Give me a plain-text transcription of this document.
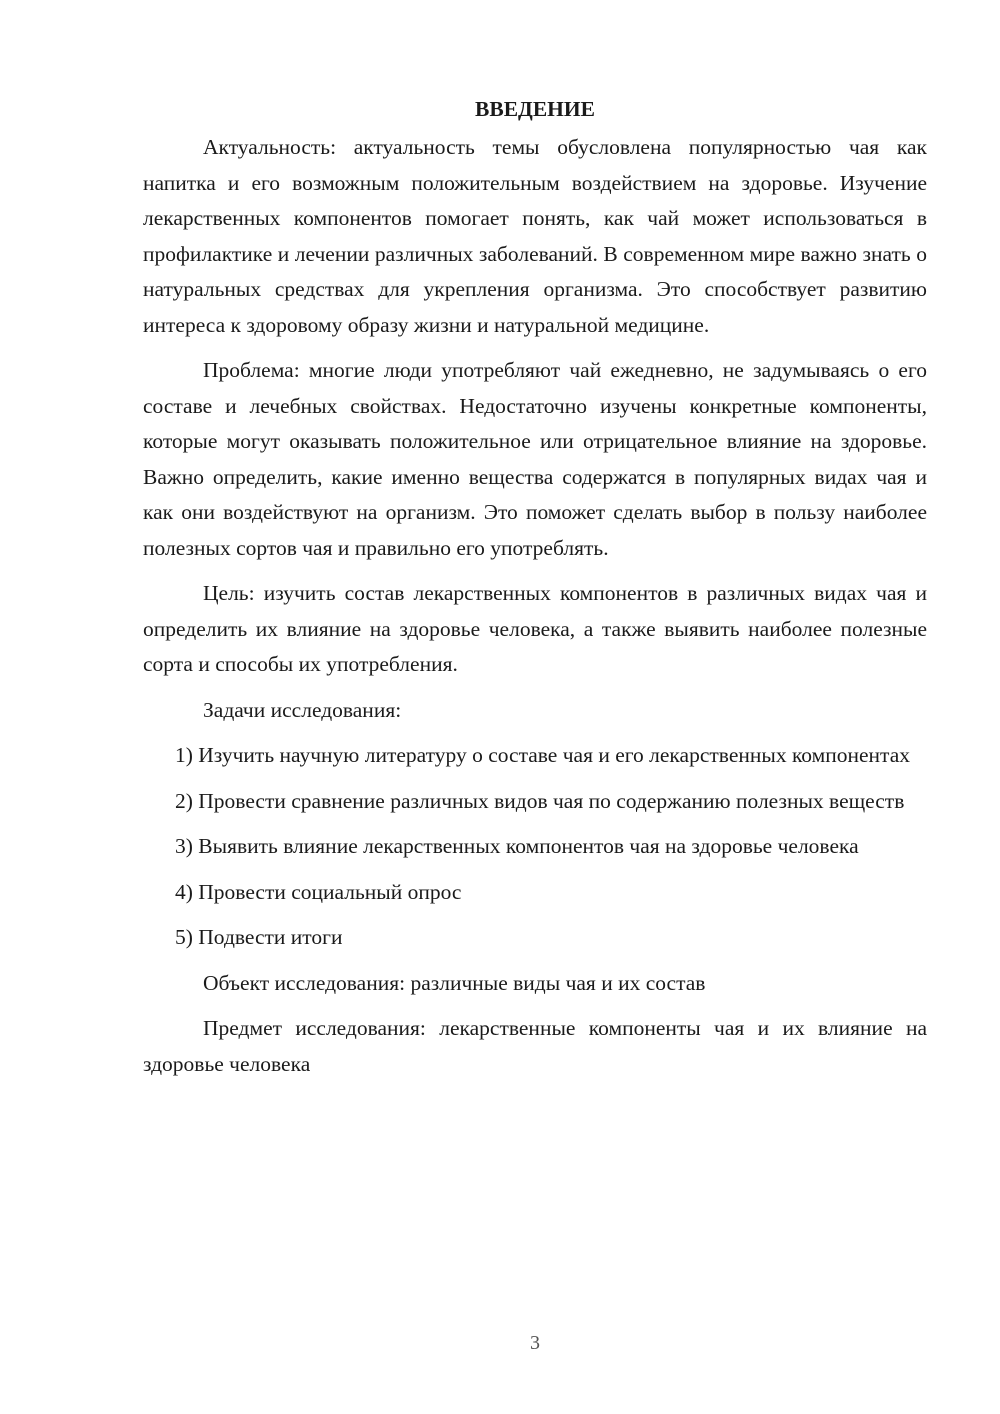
ВВЕДЕНИЕ

Актуальность: актуальность темы обусловлена популярностью чая как напитка и его возможным положительным воздействием на здоровье. Изучение лекарственных компонентов помогает понять, как чай может использоваться в профилактике и лечении различных заболеваний. В современном мире важно знать о натуральных средствах для укрепления организма. Это способствует развитию интереса к здоровому образу жизни и натуральной медицине.

Проблема: многие люди употребляют чай ежедневно, не задумываясь о его составе и лечебных свойствах. Недостаточно изучены конкретные компоненты, которые могут оказывать положительное или отрицательное влияние на здоровье. Важно определить, какие именно вещества содержатся в популярных видах чая и как они воздействуют на организм. Это поможет сделать выбор в пользу наиболее полезных сортов чая и правильно его употреблять.

Цель: изучить состав лекарственных компонентов в различных видах чая и определить их влияние на здоровье человека, а также выявить наиболее полезные сорта и способы их употребления.

Задачи исследования:

1) Изучить научную литературу о составе чая и его лекарственных компонентах

2) Провести сравнение различных видов чая по содержанию полезных веществ

3) Выявить влияние лекарственных компонентов чая на здоровье человека

4) Провести социальный опрос

5) Подвести итоги

Объект исследования: различные виды чая и их состав

Предмет исследования: лекарственные компоненты чая и их влияние на здоровье человека

3
